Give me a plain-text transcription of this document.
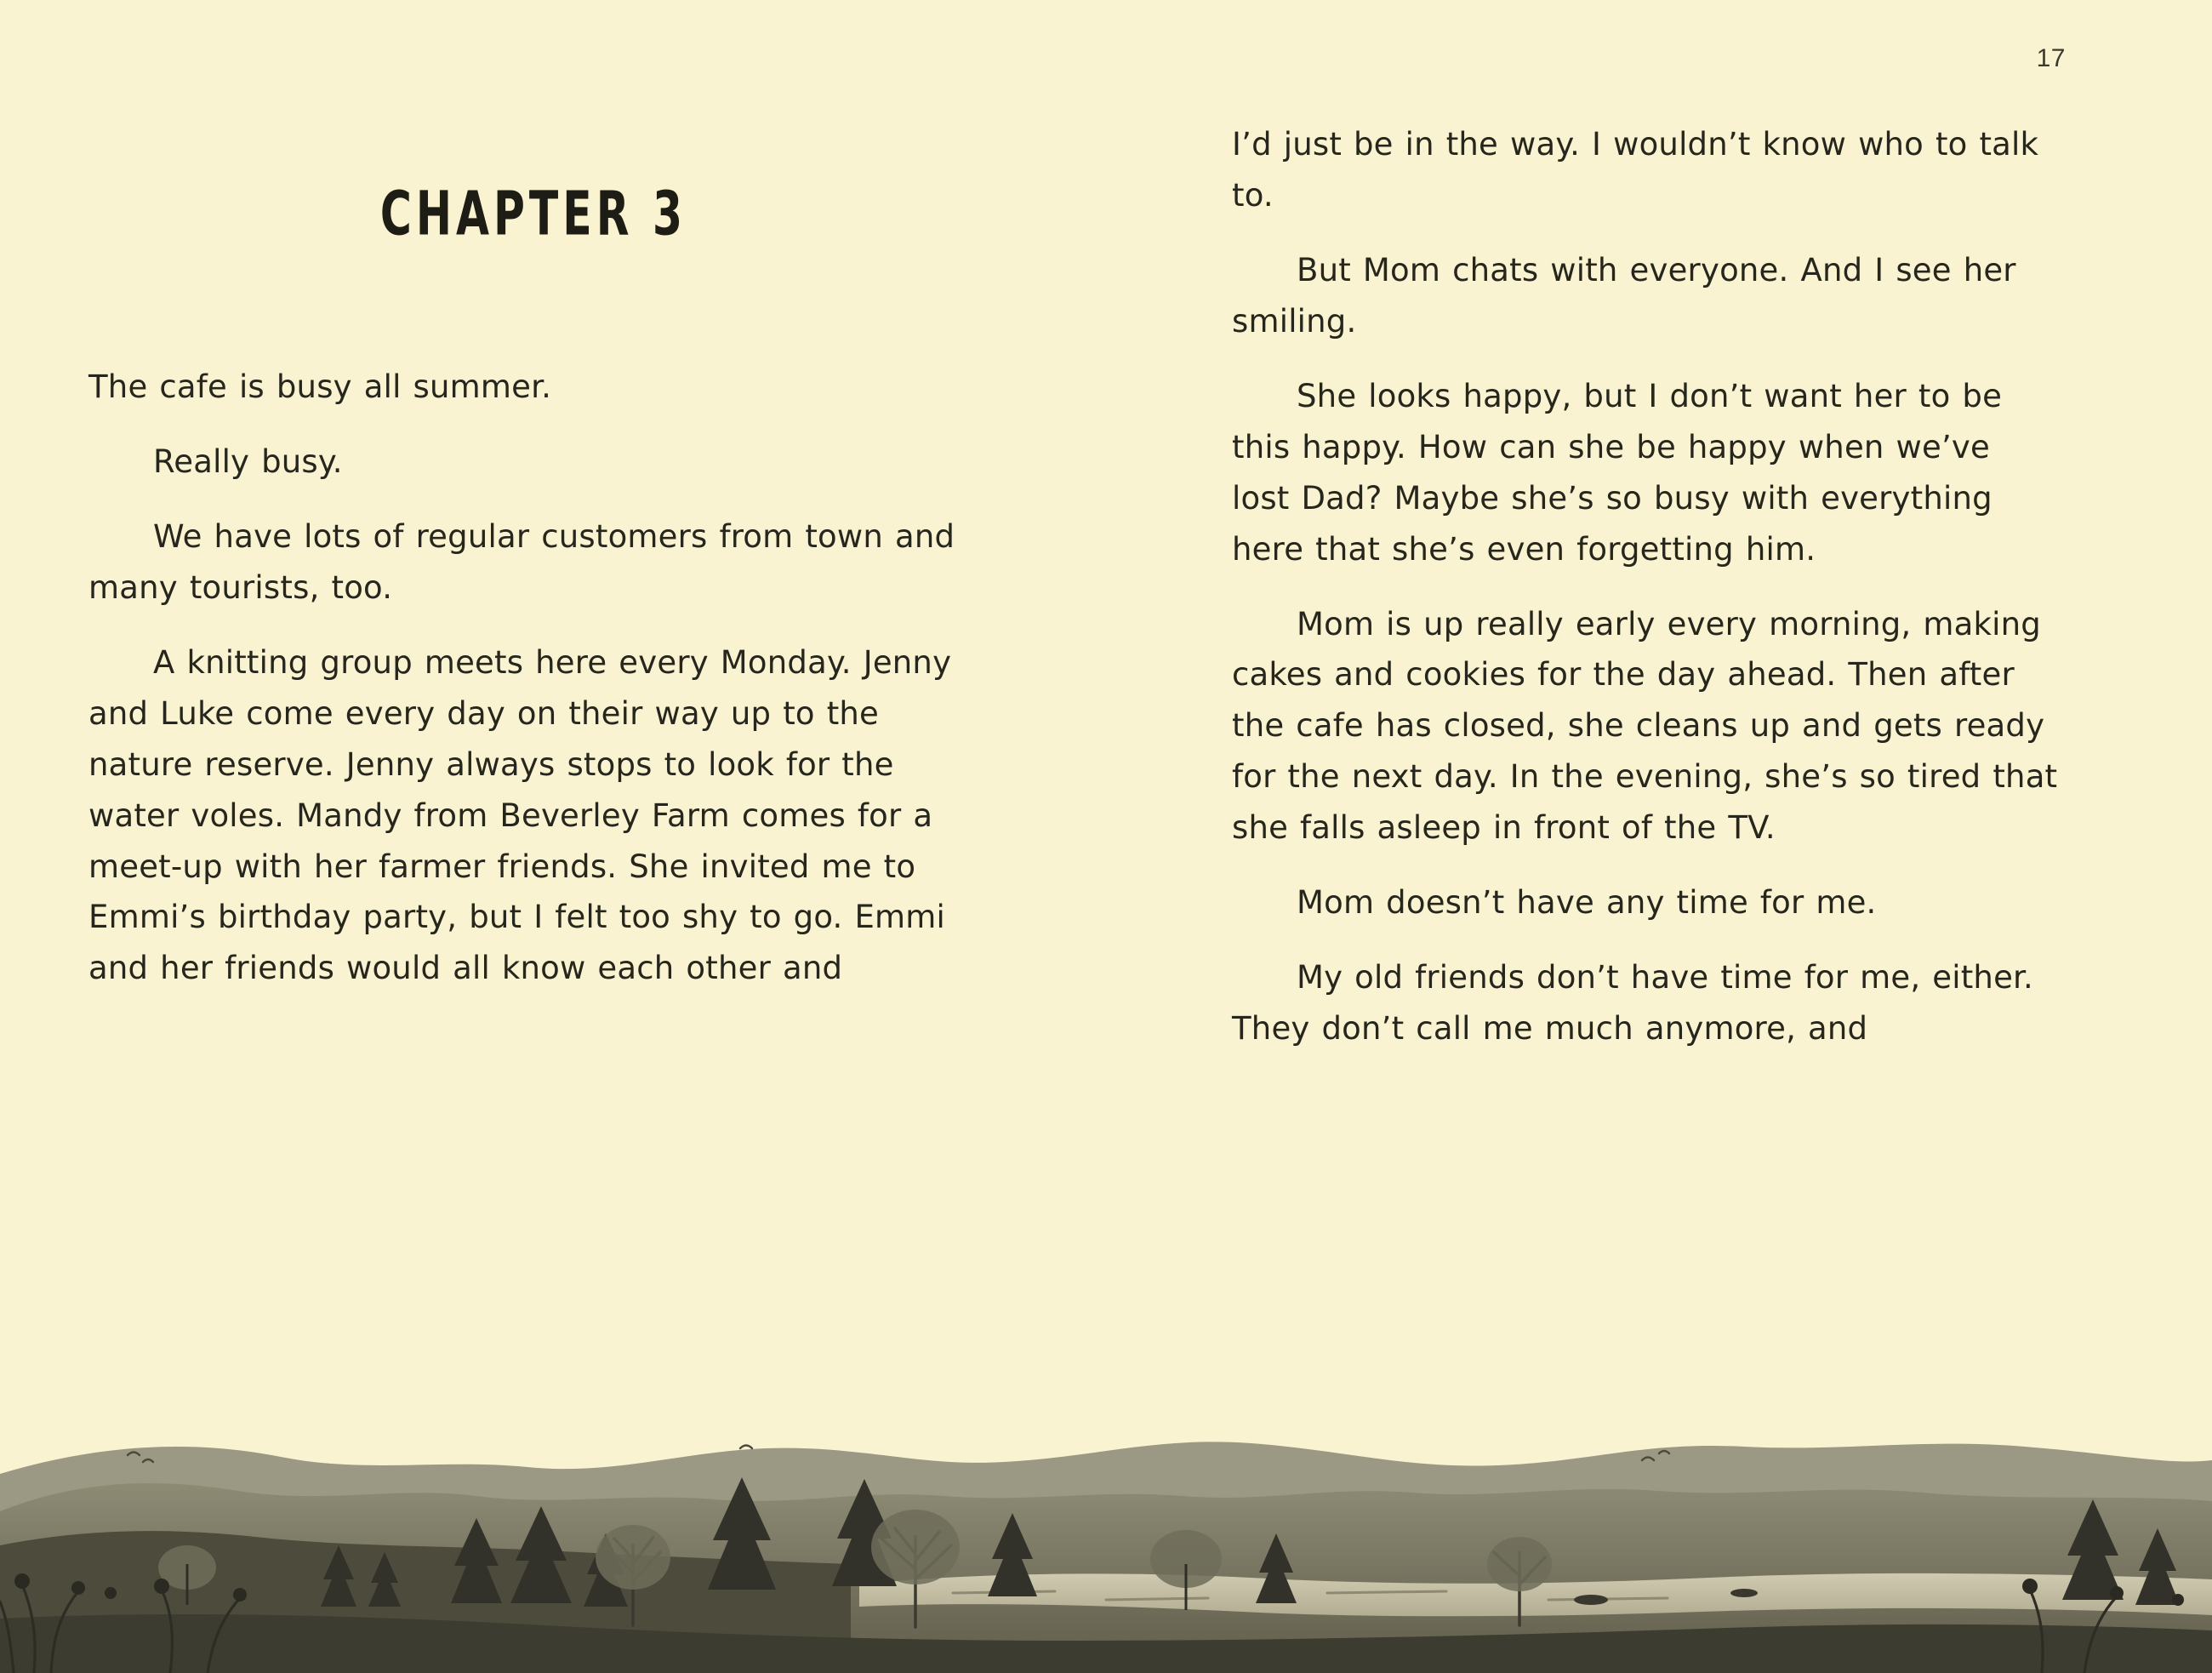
17
CHAPTER 3

The cafe is busy all summer.

Really busy.

We have lots of regular customers from town and many tourists, too.

A knitting group meets here every Monday. Jenny and Luke come every day on their way up to the nature reserve. Jenny always stops to look for the water voles. Mandy from Beverley Farm comes for a meet-up with her farmer friends. She invited me to Emmi’s birthday party, but I felt too shy to go. Emmi and her friends would all know each other and

I’d just be in the way. I wouldn’t know who to talk to.

But Mom chats with everyone. And I see her smiling.

She looks happy, but I don’t want her to be this happy. How can she be happy when we’ve lost Dad? Maybe she’s so busy with everything here that she’s even forgetting him.

Mom is up really early every morning, making cakes and cookies for the day ahead. Then after the cafe has closed, she cleans up and gets ready for the next day. In the evening, she’s so tired that she falls asleep in front of the TV.

Mom doesn’t have any time for me.

My old friends don’t have time for me, either. They don’t call me much anymore, and
